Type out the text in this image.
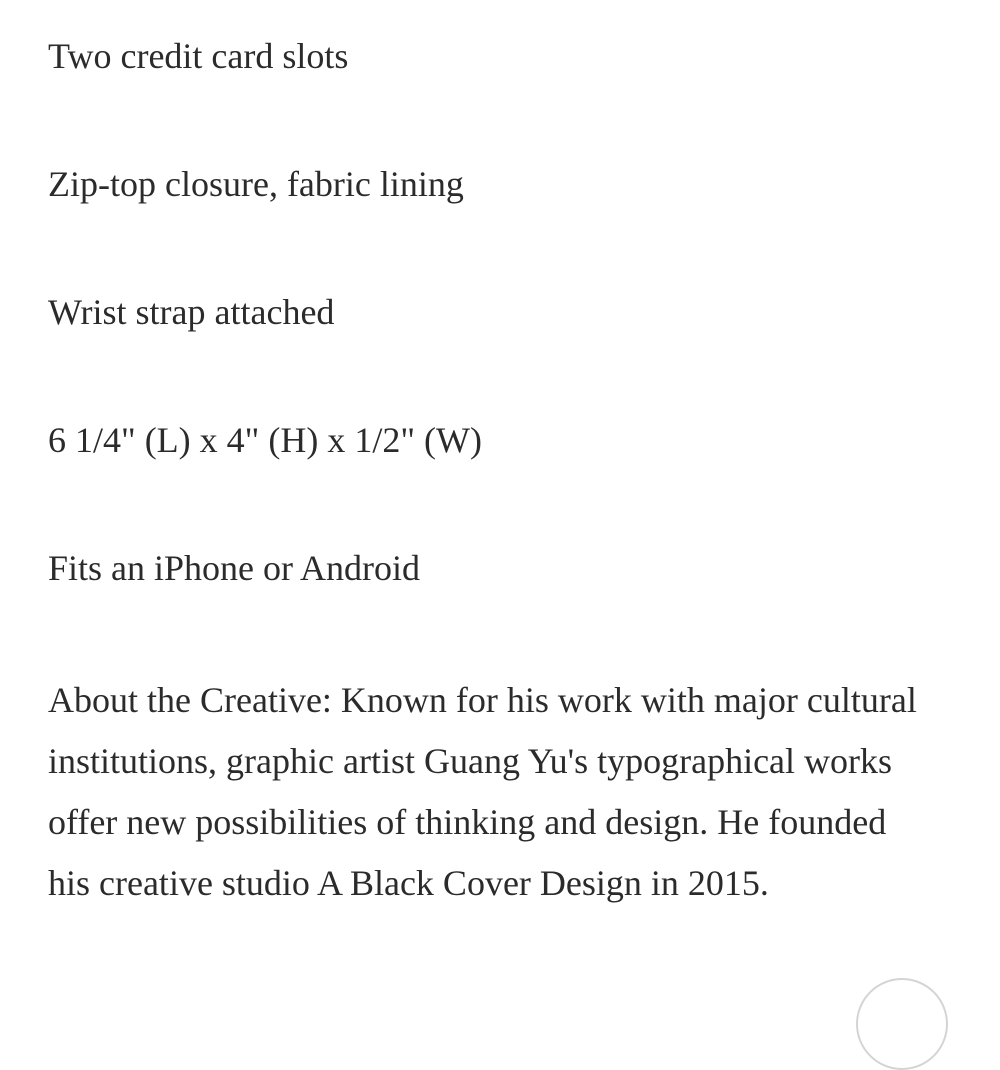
Two credit card slots

Zip-top closure, fabric lining

Wrist strap attached

6 1/4" (L) x 4" (H) x 1/2" (W)

Fits an iPhone or Android

About the Creative: Known for his work with major cultural institutions, graphic artist Guang Yu's typographical works offer new possibilities of thinking and design. He founded his creative studio A Black Cover Design in 2015.
